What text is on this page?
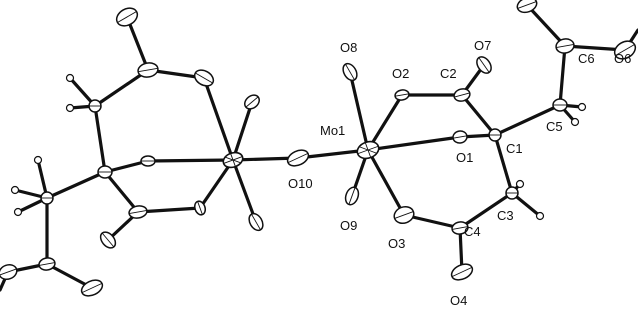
Mo1
O8
O2 C2
O7
C6 O6
C5
C1
O1
O10
O9
O3
C4
C3
O4
